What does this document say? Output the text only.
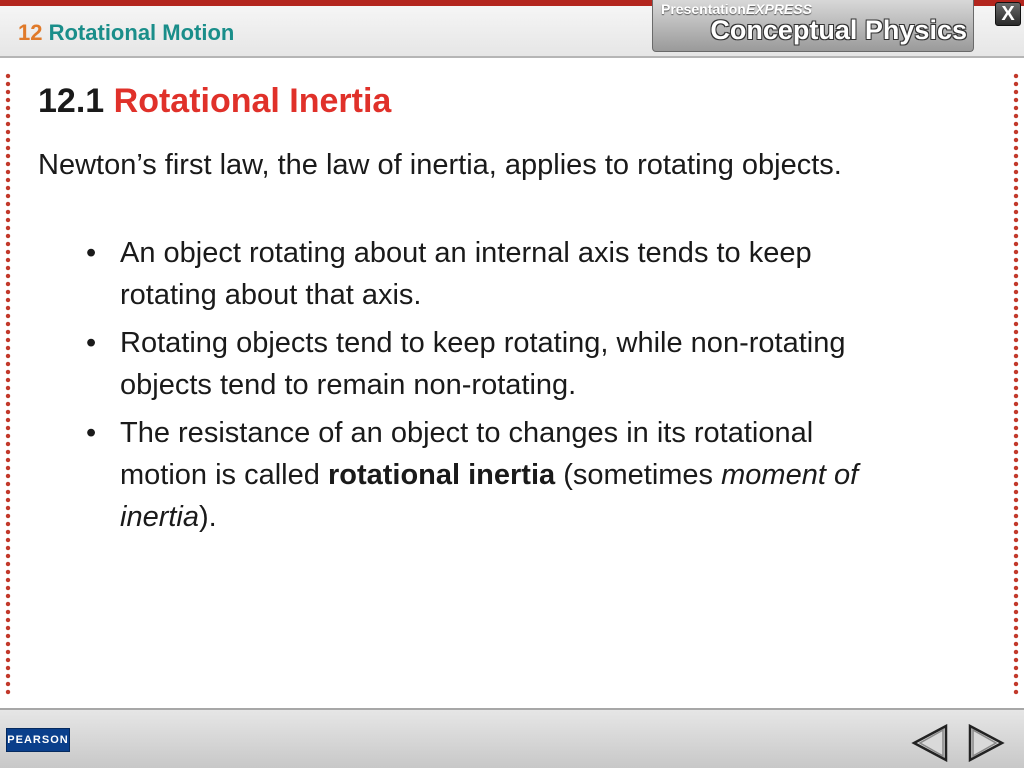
12 Rotational Motion
PresentationEXPRESS
Conceptual Physics
X
12.1 Rotational Inertia
Newton’s first law, the law of inertia, applies to rotating objects.
• An object rotating about an internal axis tends to keep rotating about that axis.
• Rotating objects tend to keep rotating, while non-rotating objects tend to remain non-rotating.
• The resistance of an object to changes in its rotational motion is called rotational inertia (sometimes moment of inertia).
PEARSON
